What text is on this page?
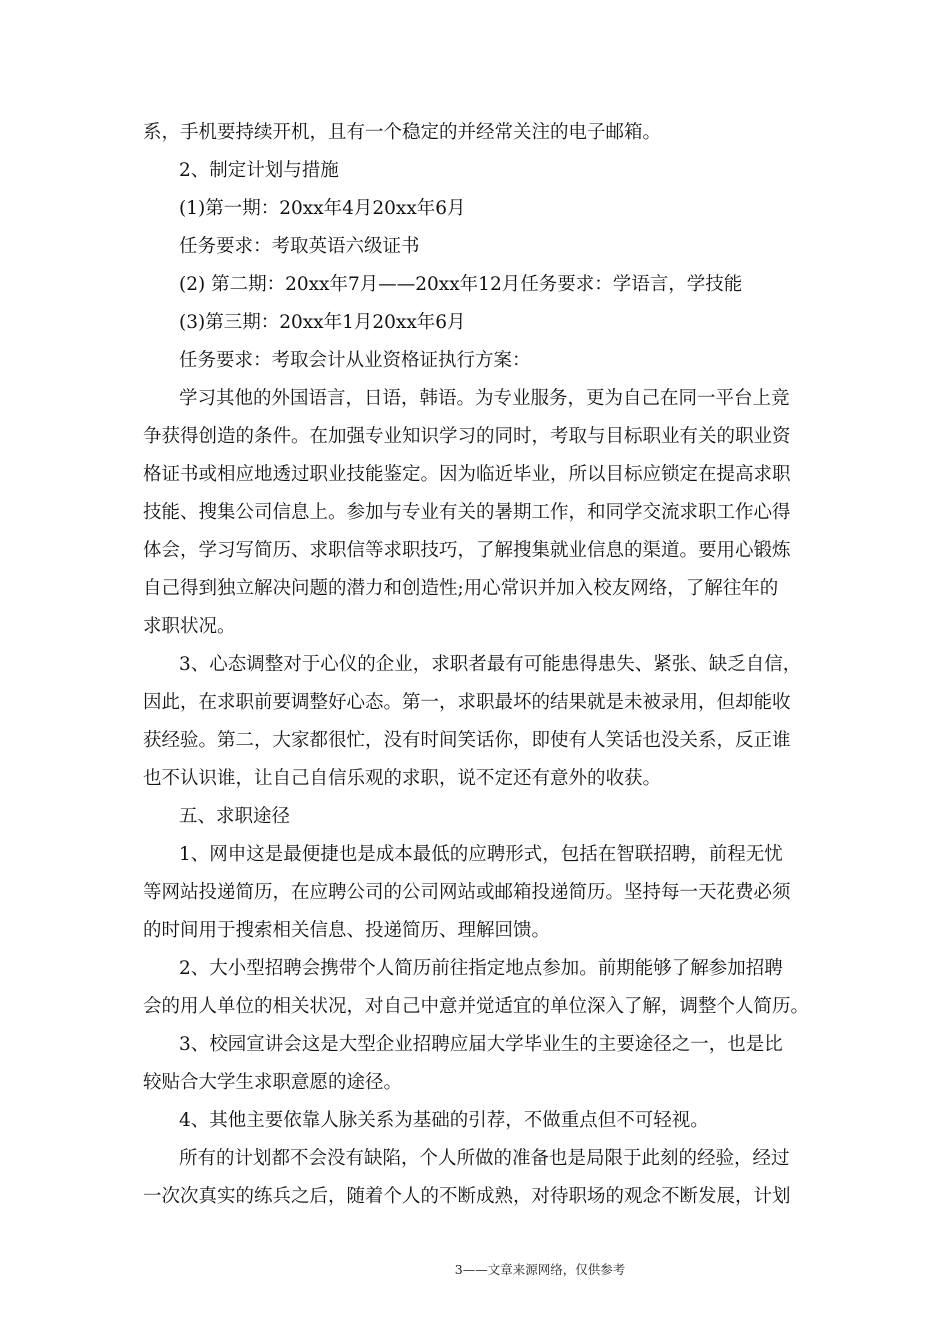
系，手机要持续开机，且有一个稳定的并经常关注的电子邮箱。
2、制定计划与措施
(1)第一期：20xx年4月20xx年6月
任务要求：考取英语六级证书
(2) 第二期：20xx年7月——20xx年12月任务要求：学语言，学技能
(3)第三期：20xx年1月20xx年6月
任务要求：考取会计从业资格证执行方案：
学习其他的外国语言，日语，韩语。为专业服务，更为自己在同一平台上竞
争获得创造的条件。在加强专业知识学习的同时，考取与目标职业有关的职业资
格证书或相应地透过职业技能鉴定。因为临近毕业，所以目标应锁定在提高求职
技能、搜集公司信息上。参加与专业有关的暑期工作，和同学交流求职工作心得
体会，学习写简历、求职信等求职技巧，了解搜集就业信息的渠道。要用心锻炼
自己得到独立解决问题的潜力和创造性;用心常识并加入校友网络，了解往年的
求职状况。
3、心态调整对于心仪的企业，求职者最有可能患得患失、紧张、缺乏自信，
因此，在求职前要调整好心态。第一，求职最坏的结果就是未被录用，但却能收
获经验。第二，大家都很忙，没有时间笑话你，即使有人笑话也没关系，反正谁
也不认识谁，让自己自信乐观的求职，说不定还有意外的收获。
五、求职途径
1、网申这是最便捷也是成本最低的应聘形式，包括在智联招聘，前程无忧
等网站投递简历，在应聘公司的公司网站或邮箱投递简历。坚持每一天花费必须
的时间用于搜索相关信息、投递简历、理解回馈。
2、大小型招聘会携带个人简历前往指定地点参加。前期能够了解参加招聘
会的用人单位的相关状况，对自己中意并觉适宜的单位深入了解，调整个人简历。
3、校园宣讲会这是大型企业招聘应届大学毕业生的主要途径之一，也是比
较贴合大学生求职意愿的途径。
4、其他主要依靠人脉关系为基础的引荐，不做重点但不可轻视。
所有的计划都不会没有缺陷，个人所做的准备也是局限于此刻的经验，经过
一次次真实的练兵之后，随着个人的不断成熟，对待职场的观念不断发展，计划
3——文章来源网络，仅供参考
